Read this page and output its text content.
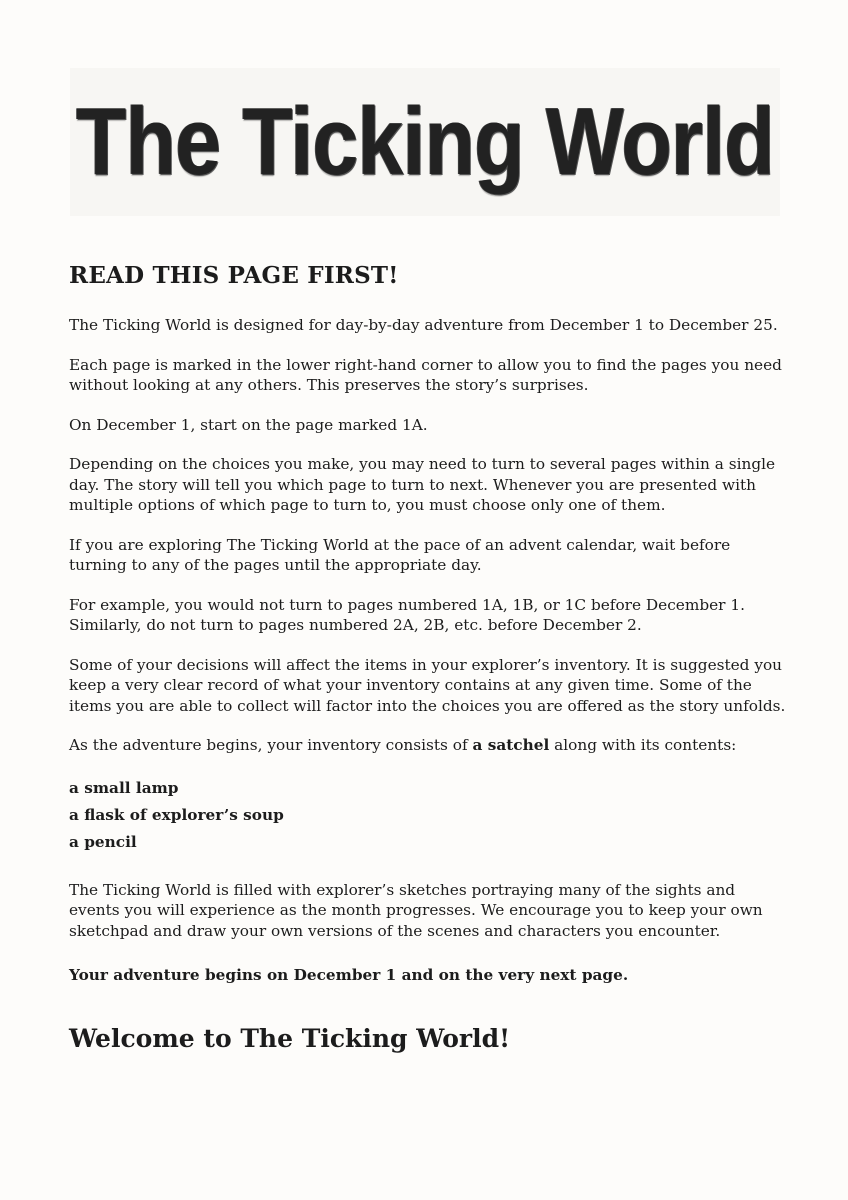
The Ticking World
READ THIS PAGE FIRST!

The Ticking World is designed for day-by-day adventure from December 1 to December 25.

Each page is marked in the lower right-hand corner to allow you to find the pages you need without looking at any others. This preserves the story’s surprises.

On December 1, start on the page marked 1A.

Depending on the choices you make, you may need to turn to several pages within a single day. The story will tell you which page to turn to next. Whenever you are presented with multiple options of which page to turn to, you must choose only one of them.

If you are exploring The Ticking World at the pace of an advent calendar, wait before turning to any of the pages until the appropriate day.

For example, you would not turn to pages numbered 1A, 1B, or 1C before December 1. Similarly, do not turn to pages numbered 2A, 2B, etc. before December 2.

Some of your decisions will affect the items in your explorer’s inventory. It is suggested you keep a very clear record of what your inventory contains at any given time. Some of the items you are able to collect will factor into the choices you are offered as the story unfolds.

As the adventure begins, your inventory consists of a satchel along with its contents:

a small lamp
a flask of explorer’s soup
a pencil

The Ticking World is filled with explorer’s sketches portraying many of the sights and events you will experience as the month progresses. We encourage you to keep your own sketchpad and draw your own versions of the scenes and characters you encounter.

Your adventure begins on December 1 and on the very next page.

Welcome to The Ticking World!
